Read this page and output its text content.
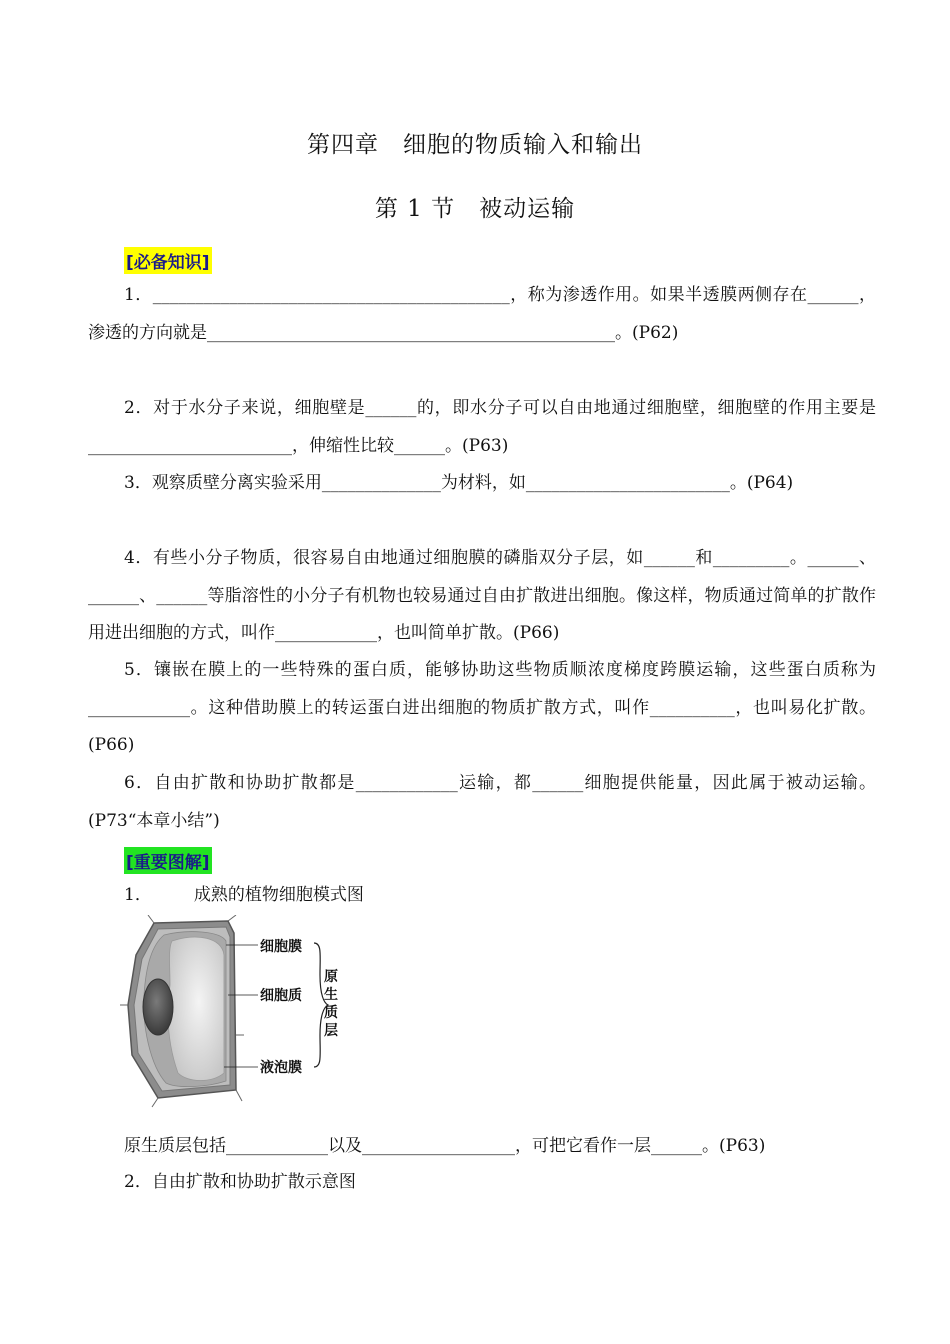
第四章　细胞的物质输入和输出
第 1 节　被动运输
[必备知识]
1．__________________________________________，称为渗透作用。如果半透膜两侧存在______，渗透的方向就是________________________________________________。(P62)
2．对于水分子来说，细胞壁是______的，即水分子可以自由地通过细胞壁，细胞壁的作用主要是________________________，伸缩性比较______。(P63)
3．观察质壁分离实验采用______________为材料，如________________________。(P64)
4．有些小分子物质，很容易自由地通过细胞膜的磷脂双分子层，如______和_________。______、______、______等脂溶性的小分子有机物也较易通过自由扩散进出细胞。像这样，物质通过简单的扩散作用进出细胞的方式，叫作____________，也叫简单扩散。(P66)
5．镶嵌在膜上的一些特殊的蛋白质，能够协助这些物质顺浓度梯度跨膜运输，这些蛋白质称为____________。这种借助膜上的转运蛋白进出细胞的物质扩散方式，叫作__________，也叫易化扩散。(P66)
6．自由扩散和协助扩散都是____________运输，都______细胞提供能量，因此属于被动运输。(P73“本章小结”)
[重要图解]
1． 成熟的植物细胞模式图
细胞膜
细胞质
液泡膜
原
生
质
层
原生质层包括____________以及__________________，可把它看作一层______。(P63)
2．自由扩散和协助扩散示意图
